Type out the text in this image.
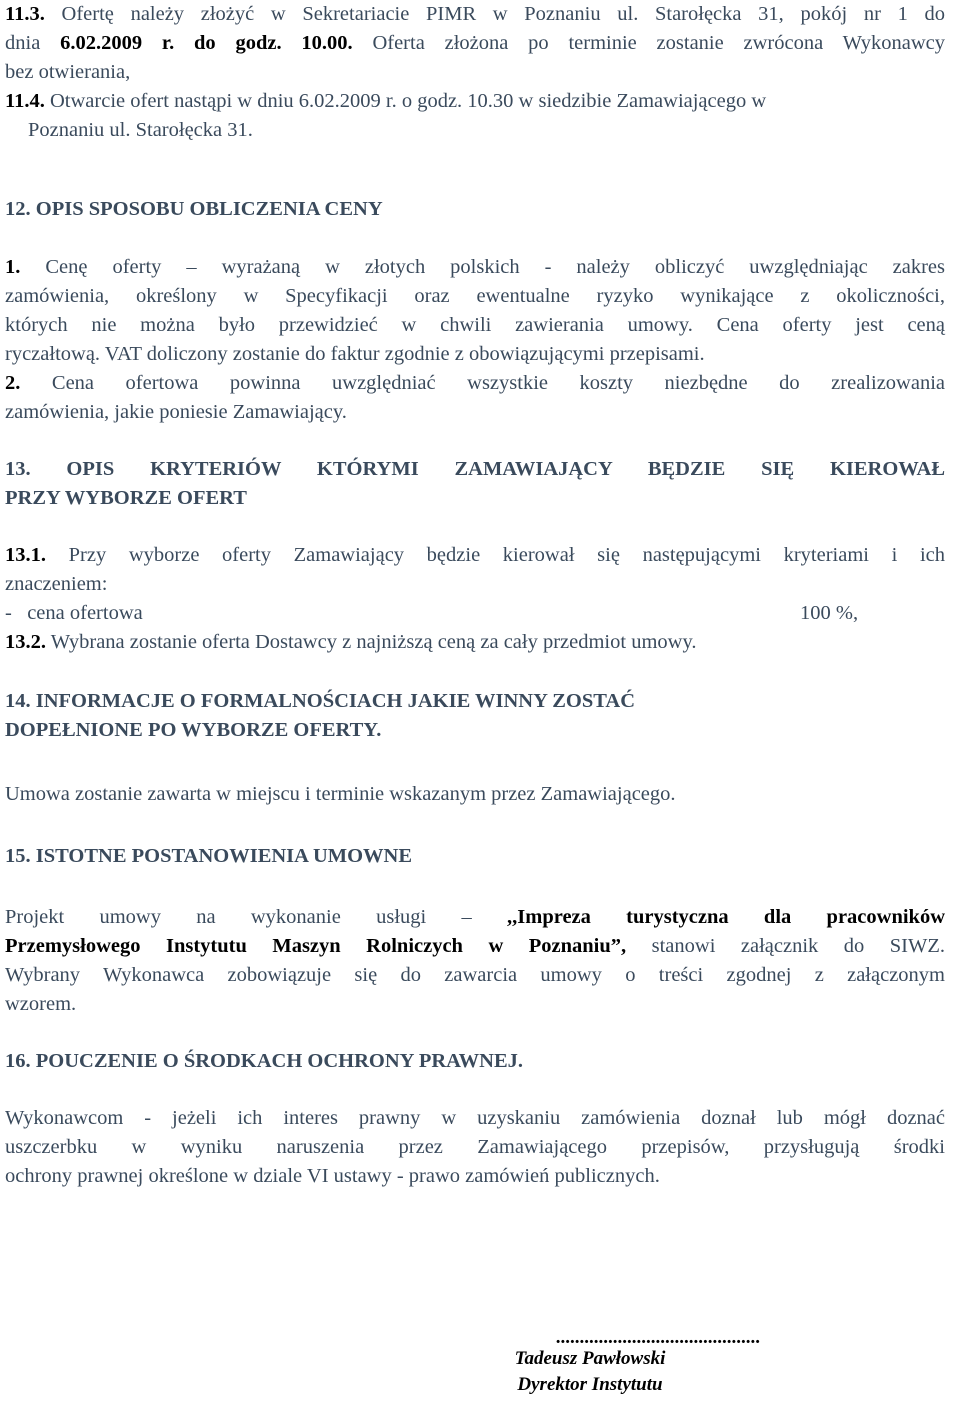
11.3. Ofertę należy złożyć w Sekretariacie PIMR w Poznaniu ul. Starołęcka 31, pokój nr 1 do
dnia 6.02.2009 r. do godz. 10.00. Oferta złożona po terminie zostanie zwrócona Wykonawcy
bez otwierania,
11.4. Otwarcie ofert nastąpi w dniu 6.02.2009 r. o godz. 10.30 w siedzibie Zamawiającego w
Poznaniu ul. Starołęcka 31.
12. OPIS SPOSOBU OBLICZENIA CENY
1. Cenę oferty – wyrażaną w złotych polskich - należy obliczyć uwzględniając zakres
zamówienia, określony w Specyfikacji oraz ewentualne ryzyko wynikające z okoliczności,
których nie można było przewidzieć w chwili zawierania umowy. Cena oferty jest ceną
ryczałtową. VAT doliczony zostanie do faktur zgodnie z obowiązującymi przepisami.
2. Cena ofertowa powinna uwzględniać wszystkie koszty niezbędne do zrealizowania
zamówienia, jakie poniesie Zamawiający.
13. OPIS KRYTERIÓW KTÓRYMI ZAMAWIAJĄCY BĘDZIE SIĘ KIEROWAŁ
PRZY WYBORZE OFERT
13.1. Przy wyborze oferty Zamawiający będzie kierował się następującymi kryteriami i ich
znaczeniem:
-   cena ofertowa	100 %,
13.2. Wybrana zostanie oferta Dostawcy z najniższą ceną za cały przedmiot umowy.
14. INFORMACJE O FORMALNOŚCIACH JAKIE WINNY ZOSTAĆ
DOPEŁNIONE PO WYBORZE OFERTY.
Umowa zostanie zawarta w miejscu i terminie wskazanym przez Zamawiającego.
15. ISTOTNE POSTANOWIENIA UMOWNE
Projekt umowy na wykonanie usługi – ,,Impreza turystyczna dla pracowników
Przemysłowego Instytutu Maszyn Rolniczych w Poznaniu”, stanowi załącznik do SIWZ.
Wybrany Wykonawca zobowiązuje się do zawarcia umowy o treści zgodnej z załączonym
wzorem.
16. POUCZENIE O ŚRODKACH OCHRONY PRAWNEJ.
Wykonawcom - jeżeli ich interes prawny w uzyskaniu zamówienia doznał lub mógł doznać
uszczerbku w wyniku naruszenia przez Zamawiającego przepisów, przysługują środki
ochrony prawnej określone w dziale VI ustawy - prawo zamówień publicznych.
...........................................
Tadeusz Pawłowski
Dyrektor Instytutu
